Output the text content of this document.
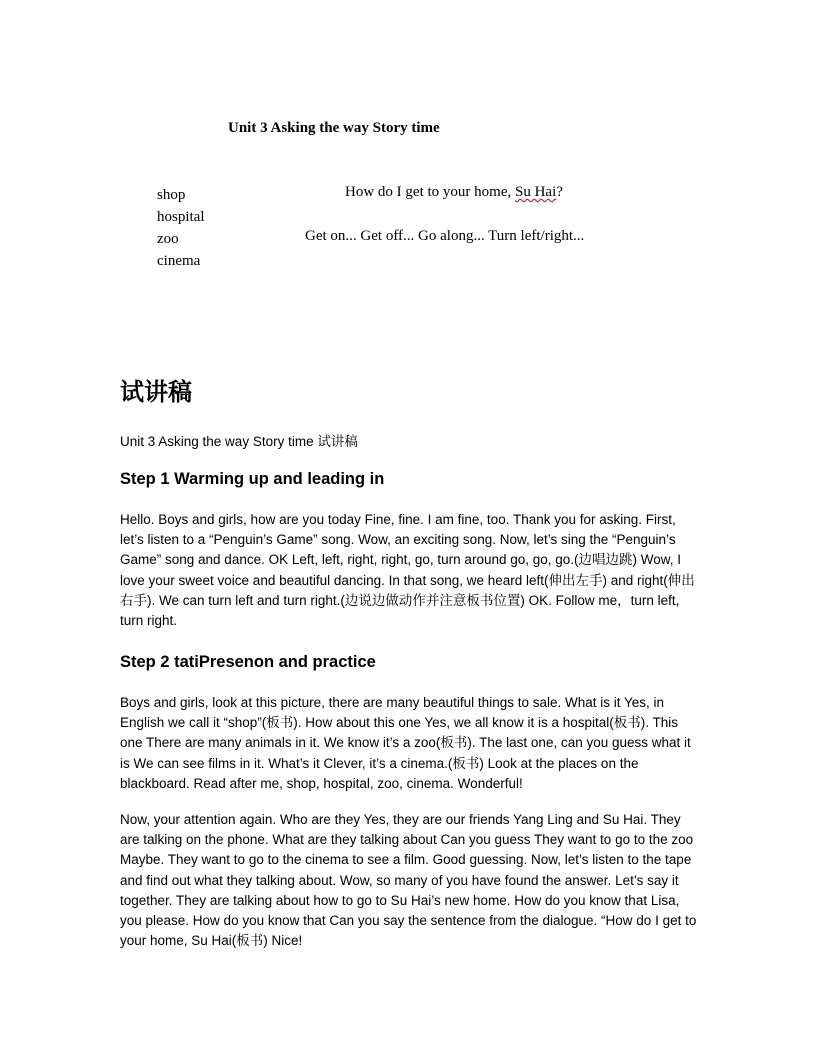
Unit 3 Asking the way Story time
shop
hospital
zoo
cinema
How do I get to your home, Su Hai?
Get on... Get off... Go along... Turn left/right...
试讲稿
Unit 3 Asking the way Story time 试讲稿
Step 1 Warming up and leading in

Hello. Boys and girls, how are you today Fine, fine. I am fine, too. Thank you for asking. First, let’s listen to a “Penguin’s Game” song. Wow, an exciting song. Now, let’s sing the “Penguin’s Game” song and dance. OK Left, left, right, right, go, turn around go, go, go.(边唱边跳) Wow, I love your sweet voice and beautiful dancing. In that song, we heard left(伸出左手) and right(伸出右手). We can turn left and turn right.(边说边做动作并注意板书位置) OK. Follow me，turn left, turn right.

Step 2 tatiPresenon and practice

Boys and girls, look at this picture, there are many beautiful things to sale. What is it Yes, in English we call it “shop”(板书). How about this one Yes, we all know it is a hospital(板书). This one There are many animals in it. We know it’s a zoo(板书). The last one, can you guess what it is We can see films in it. What’s it Clever, it’s a cinema.(板书) Look at the places on the blackboard. Read after me, shop, hospital, zoo, cinema. Wonderful!

Now, your attention again. Who are they Yes, they are our friends Yang Ling and Su Hai. They are talking on the phone. What are they talking about Can you guess They want to go to the zoo Maybe. They want to go to the cinema to see a film. Good guessing. Now, let’s listen to the tape and find out what they talking about. Wow, so many of you have found the answer. Let’s say it together. They are talking about how to go to Su Hai’s new home. How do you know that Lisa, you please. How do you know that Can you say the sentence from the dialogue. “How do I get to your home, Su Hai(板书) Nice!
